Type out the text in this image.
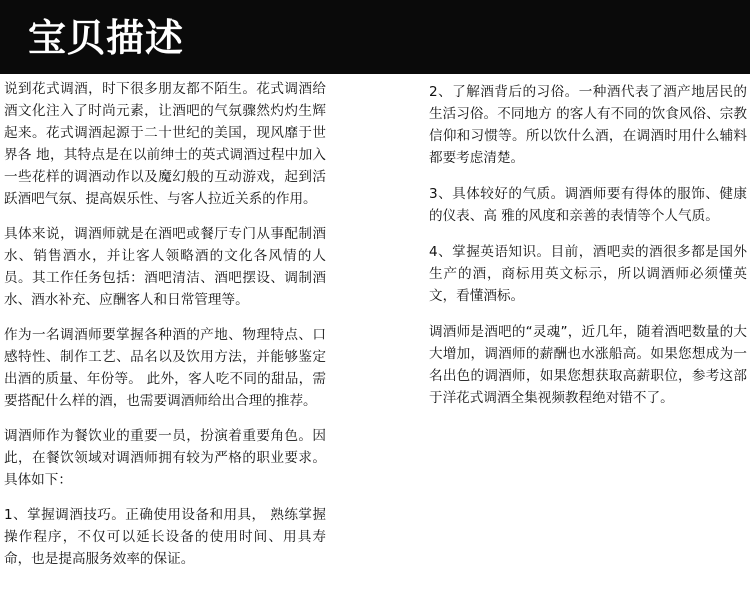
宝贝描述

说到花式调酒，时下很多朋友都不陌生。花式调酒给酒文化注入了时尚元素，让酒吧的气氛骤然灼灼生辉起来。花式调酒起源于二十世纪的美国，现风靡于世界各 地，其特点是在以前绅士的英式调酒过程中加入一些花样的调酒动作以及魔幻般的互动游戏，起到活跃酒吧气氛、提高娱乐性、与客人拉近关系的作用。

具体来说，调酒师就是在酒吧或餐厅专门从事配制酒水、销售酒水，并让客人领略酒的文化各风情的人员。其工作任务包括：酒吧清洁、酒吧摆设、调制酒水、酒水补充、应酬客人和日常管理等。

作为一名调酒师要掌握各种酒的产地、物理特点、口感特性、制作工艺、品名以及饮用方法，并能够鉴定出酒的质量、年份等。 此外，客人吃不同的甜品，需要搭配什么样的酒，也需要调酒师给出合理的推荐。

调酒师作为餐饮业的重要一员，扮演着重要角色。因此，在餐饮领域对调酒师拥有较为严格的职业要求。具体如下：

1、掌握调酒技巧。正确使用设备和用具， 熟练掌握操作程序，不仅可以延长设备的使用时间、用具寿命，也是提高服务效率的保证。

2、了解酒背后的习俗。一种酒代表了酒产地居民的生活习俗。不同地方 的客人有不同的饮食风俗、宗教信仰和习惯等。所以饮什么酒，在调酒时用什么辅料都要考虑清楚。

3、具体较好的气质。调酒师要有得体的服饰、健康的仪表、高 雅的风度和亲善的表情等个人气质。

4、掌握英语知识。目前，酒吧卖的酒很多都是国外生产的酒，商标用英文标示，所以调酒师必须懂英文，看懂酒标。

调酒师是酒吧的“灵魂”，近几年，随着酒吧数量的大大增加，调酒师的薪酬也水涨船高。如果您想成为一名出色的调酒师，如果您想获取高薪职位，参考这部于洋花式调酒全集视频教程绝对错不了。
